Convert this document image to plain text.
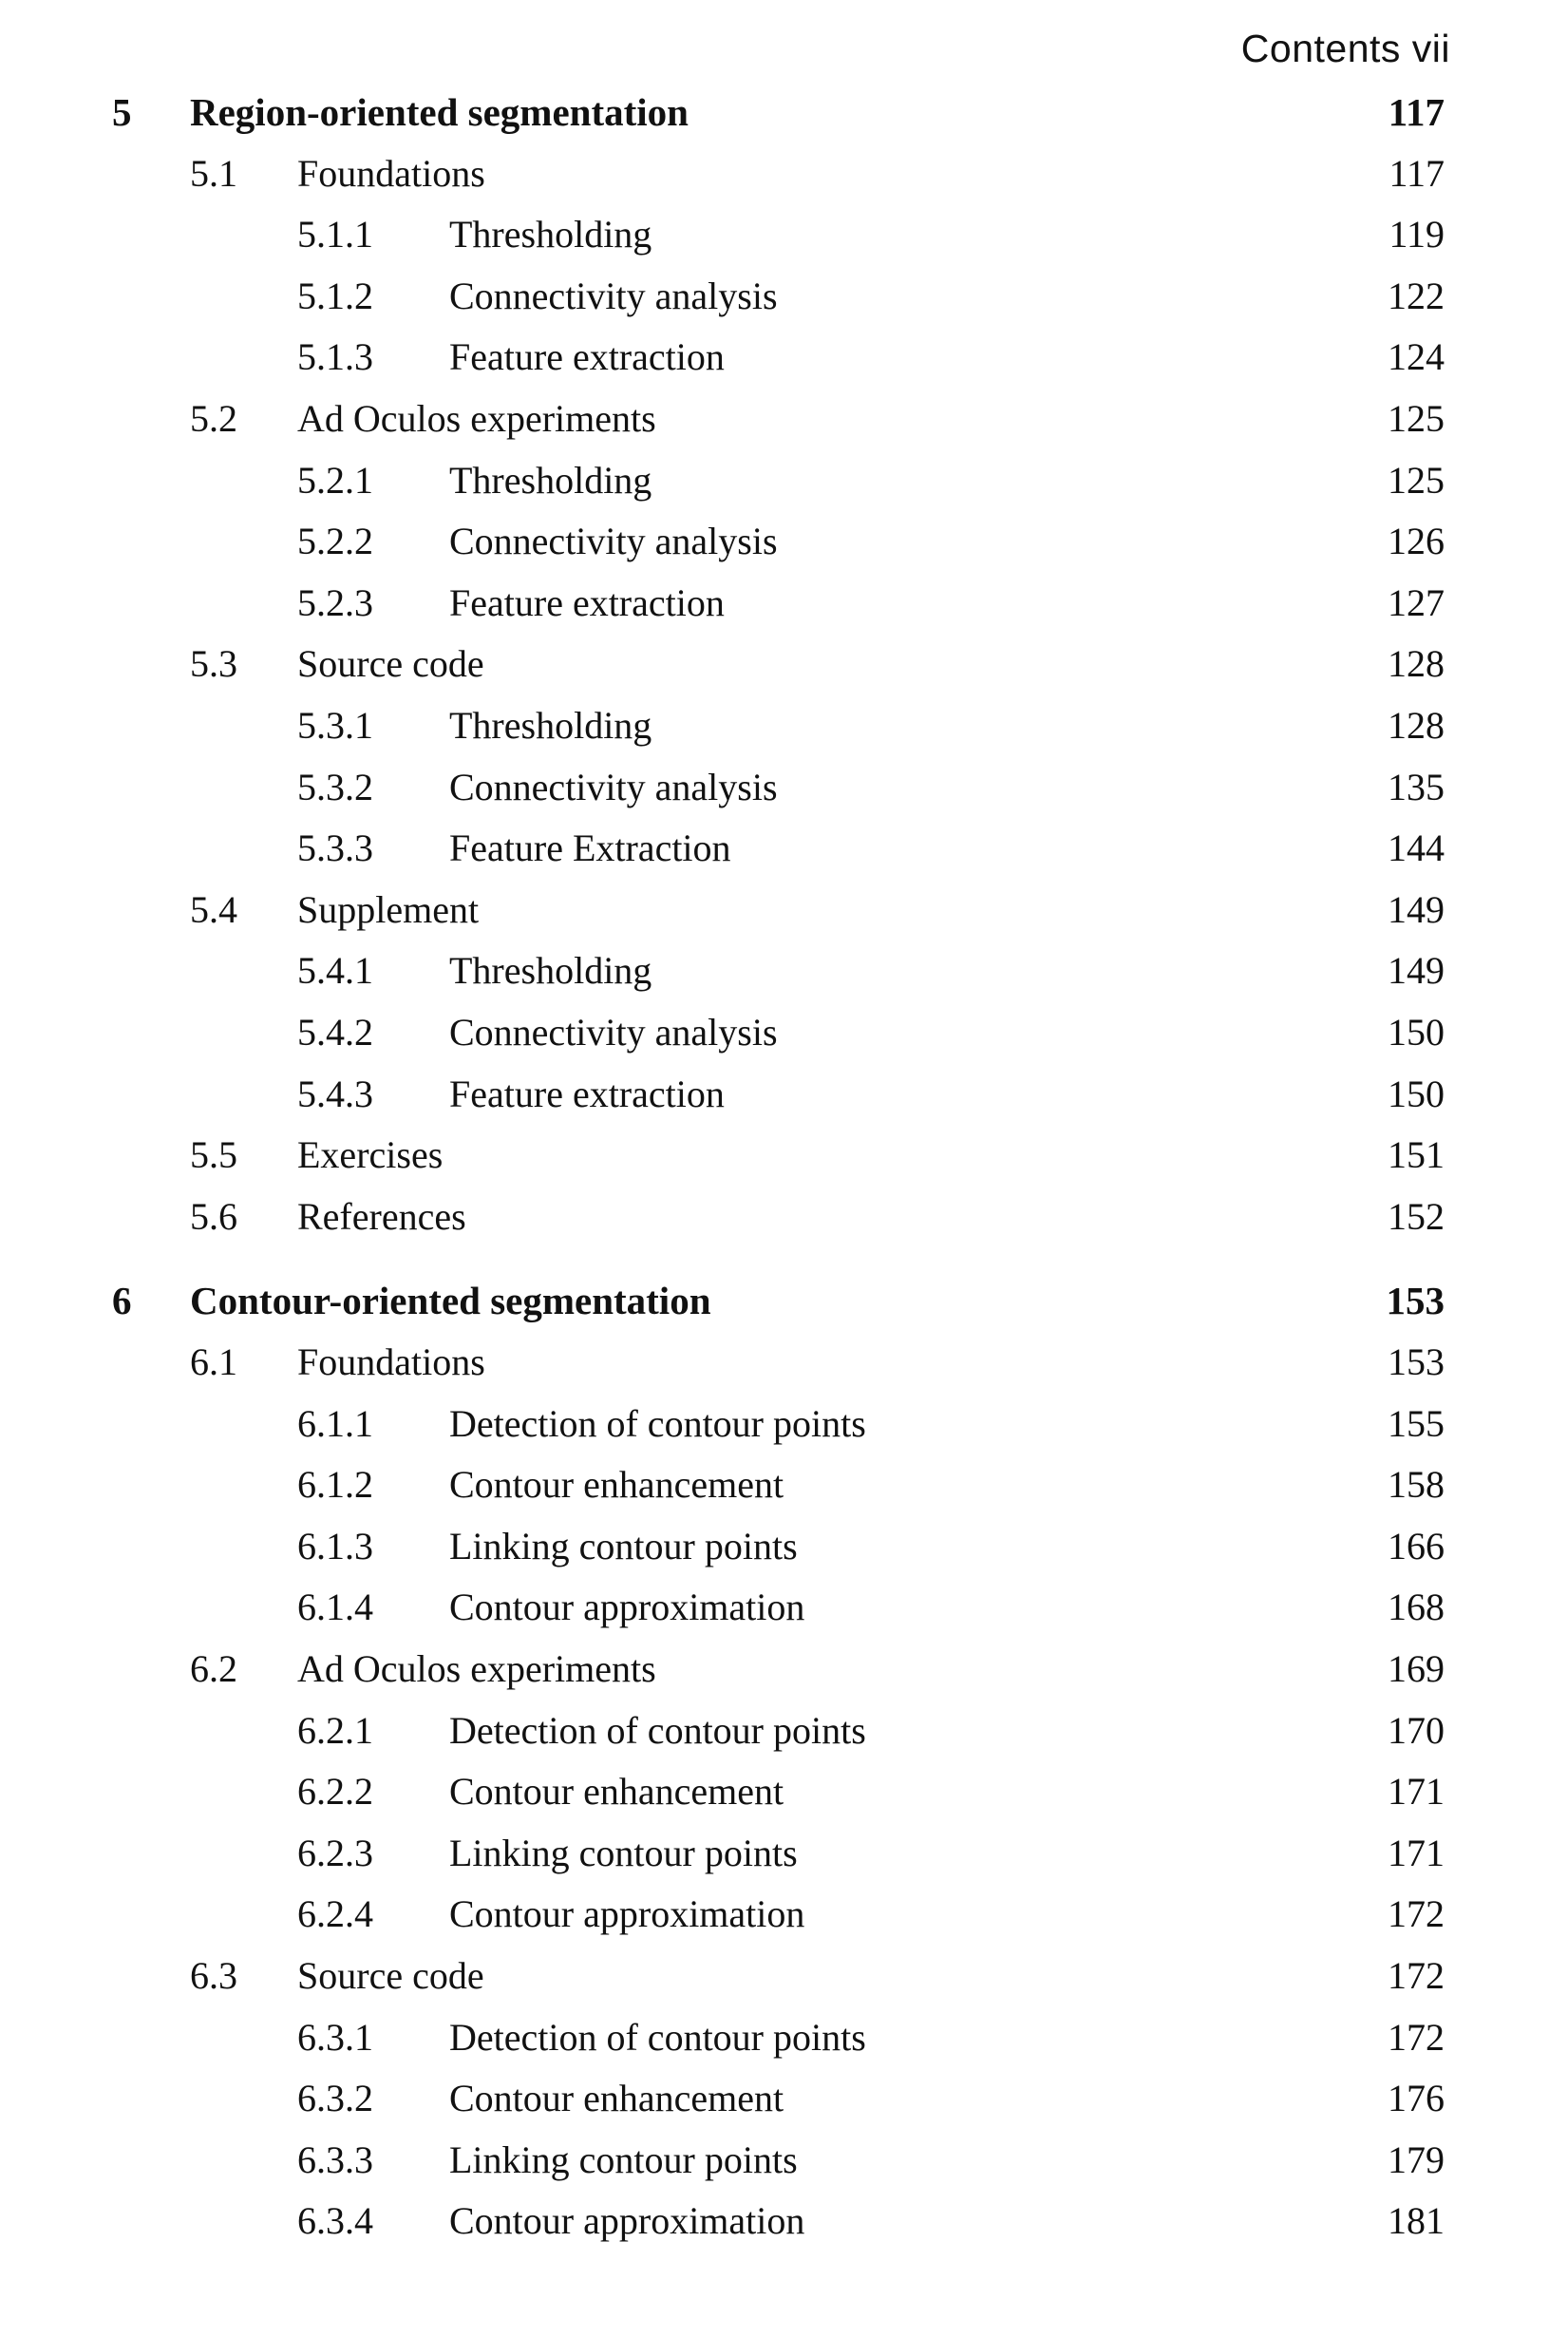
Contents vii
5 Region-oriented segmentation	117
5.1 Foundations	117
5.1.1 Thresholding	119
5.1.2 Connectivity analysis	122
5.1.3 Feature extraction	124
5.2 Ad Oculos experiments	125
5.2.1 Thresholding	125
5.2.2 Connectivity analysis	126
5.2.3 Feature extraction	127
5.3 Source code	128
5.3.1 Thresholding	128
5.3.2 Connectivity analysis	135
5.3.3 Feature Extraction	144
5.4 Supplement	149
5.4.1 Thresholding	149
5.4.2 Connectivity analysis	150
5.4.3 Feature extraction	150
5.5 Exercises	151
5.6 References	152
6 Contour-oriented segmentation	153
6.1 Foundations	153
6.1.1 Detection of contour points	155
6.1.2 Contour enhancement	158
6.1.3 Linking contour points	166
6.1.4 Contour approximation	168
6.2 Ad Oculos experiments	169
6.2.1 Detection of contour points	170
6.2.2 Contour enhancement	171
6.2.3 Linking contour points	171
6.2.4 Contour approximation	172
6.3 Source code	172
6.3.1 Detection of contour points	172
6.3.2 Contour enhancement	176
6.3.3 Linking contour points	179
6.3.4 Contour approximation	181
